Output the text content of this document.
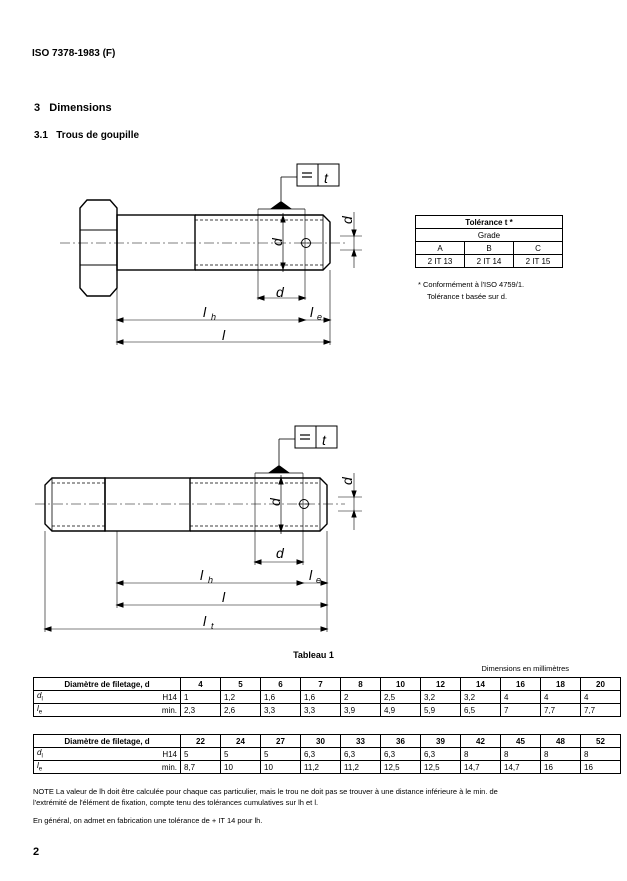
ISO 7378-1983 (F)
3 Dimensions
3.1 Trous de goupille
t
d
d
d
l h	l e
l
t
d
d
d
l h	l e
l
l t
Tolérance t *		
Grade		
A	B	C
2 IT 13	2 IT 14	2 IT 15
* Conformément à l'ISO 4759/1.
Tolérance t basée sur d.
Tableau 1
Dimensions en millimètres
Diamètre de filetage, d		4	5	6	7	8	10	12	14	16	18	20
$d_l$	H14	1	1,2	1,6	1,6	2	2,5	3,2	3,2	4	4	4
$l_e$	min.	2,3	2,6	3,3	3,3	3,9	4,9	5,9	6,5	7	7,7	7,7
Diamètre de filetage, d		22	24	27	30	33	36	39	42	45	48	52
$d_l$	H14	5	5	5	6,3	6,3	6,3	6,3	8	8	8	8
$l_e$	min.	8,7	10	10	11,2	11,2	12,5	12,5	14,7	14,7	16	16
NOTE La valeur de lh doit être calculée pour chaque cas particulier, mais le trou ne doit pas se trouver à une distance inférieure à le min. de
l'extrémité de l'élément de fixation, compte tenu des tolérances cumulatives sur lh et l.
En général, on admet en fabrication une tolérance de + IT 14 pour lh.
2
